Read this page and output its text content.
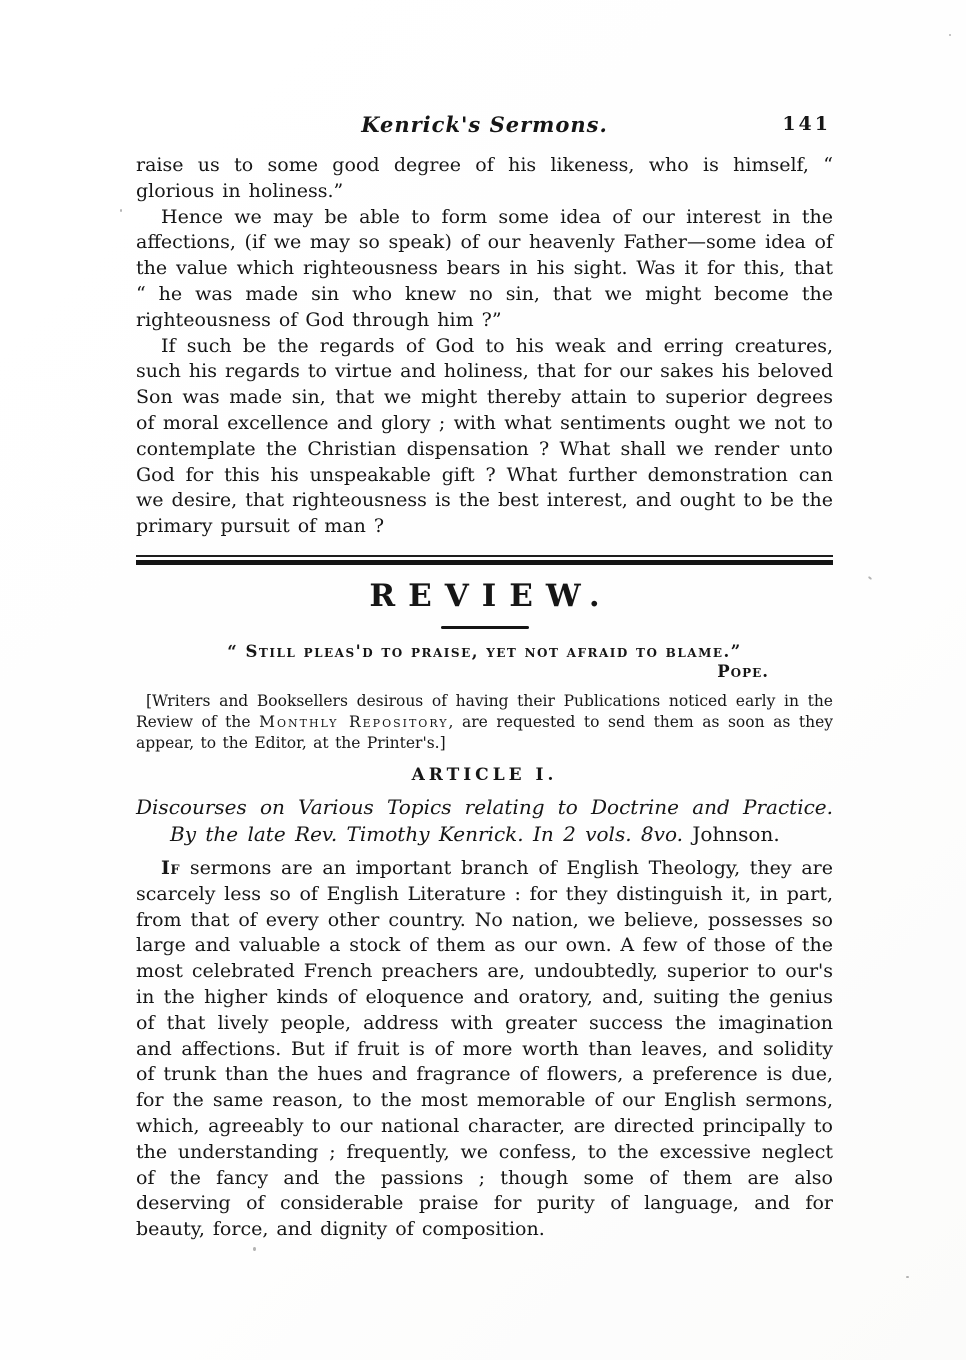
Kenrick's Sermons.	141

raise us to some good degree of his likeness, who is himself, “ glorious in holiness.”

Hence we may be able to form some idea of our interest in the affections, (if we may so speak) of our heavenly Father—some idea of the value which righteousness bears in his sight. Was it for this, that “ he was made sin who knew no sin, that we might become the righteousness of God through him ?”

If such be the regards of God to his weak and erring creatures, such his regards to virtue and holiness, that for our sakes his beloved Son was made sin, that we might thereby attain to superior degrees of moral excellence and glory ; with what sentiments ought we not to contemplate the Christian dispensation ? What shall we render unto God for this his unspeakable gift ? What further demonstration can we desire, that righteousness is the best interest, and ought to be the primary pursuit of man ?

REVIEW.
“ Still pleas'd to praise, yet not afraid to blame.”
Pope.
[Writers and Booksellers desirous of having their Publications noticed early in the Review of the Monthly Repository, are requested to send them as soon as they appear, to the Editor, at the Printer's.]
ARTICLE I.
Discourses on Various Topics relating to Doctrine and Practice. By the late Rev. Timothy Kenrick. In 2 vols. 8vo. Johnson.
If sermons are an important branch of English Theology, they are scarcely less so of English Literature : for they distinguish it, in part, from that of every other country. No nation, we believe, possesses so large and valuable a stock of them as our own. A few of those of the most celebrated French preachers are, undoubtedly, superior to our's in the higher kinds of eloquence and oratory, and, suiting the genius of that lively people, address with greater success the imagination and affections. But if fruit is of more worth than leaves, and solidity of trunk than the hues and fragrance of flowers, a preference is due, for the same reason, to the most memorable of our English sermons, which, agreeably to our national character, are directed principally to the understanding ; frequently, we confess, to the excessive neglect of the fancy and the passions ; though some of them are also deserving of considerable praise for purity of language, and for beauty, force, and dignity of composition.
